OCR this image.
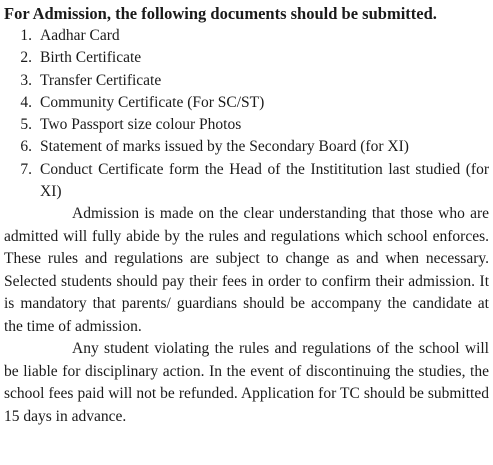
For Admission, the following documents should be submitted.

1. Aadhar Card
2. Birth Certificate
3. Transfer Certificate
4. Community Certificate (For SC/ST)
5. Two Passport size colour Photos
6. Statement of marks issued by the Secondary Board (for XI)
7. Conduct Certificate form the Head of the Instititution last studied (for XI)

Admission is made on the clear understanding that those who are admitted will fully abide by the rules and regulations which school enforces. These rules and regulations are subject to change as and when necessary. Selected students should pay their fees in order to confirm their admission. It is mandatory that parents/ guardians should be accompany the candidate at the time of admission.

Any student violating the rules and regulations of the school will be liable for disciplinary action. In the event of discontinuing the studies, the school fees paid will not be refunded. Application for TC should be submitted 15 days in advance.
